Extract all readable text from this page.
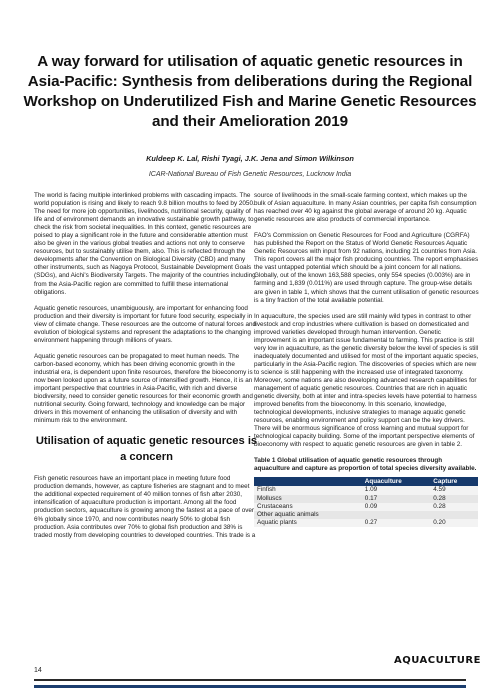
A way forward for utilisation of aquatic genetic resources in Asia-Pacific: Synthesis from deliberations during the Regional Workshop on Underutilized Fish and Marine Genetic Resources and their Amelioration 2019
Kuldeep K. Lal, Rishi Tyagi, J.K. Jena and Simon Wilkinson
ICAR-National Bureau of Fish Genetic Resources, Lucknow India

The world is facing multiple interlinked problems with cascading impacts. The world population is rising and likely to reach 9.8 billion mouths to feed by 2050. The need for more job opportunities, livelihoods, nutritional security, quality of life and of environment demands an innovative sustainable growth pathway, to check the risk from societal inequalities. In this context, genetic resources are poised to play a significant role in the future and considerable attention must also be given in the various global treaties and actions not only to conserve resources, but to sustainably utilise them, also. This is reflected through the developments after the Convention on Biological Diversity (CBD) and many other instruments, such as Nagoya Protocol, Sustainable Development Goals (SDGs), and Aichi's Biodiversity Targets. The majority of the countries including from the Asia-Pacific region are committed to fulfill these international obligations.

Aquatic genetic resources, unambiguously, are important for enhancing food production and their diversity is important for future food security, especially in view of climate change. These resources are the outcome of natural forces and evolution of biological systems and represent the adaptations to the changing environment happening through millions of years.

Aquatic genetic resources can be propagated to meet human needs. The carbon-based economy, which has been driving economic growth in the industrial era, is dependent upon finite resources, therefore the bioeconomy is now been looked upon as a future source of intensified growth. Hence, it is an important perspective that countries in Asia-Pacific, with rich and diverse biodiversity, need to consider genetic resources for their economic growth and nutritional security. Going forward, technology and knowledge can be major drivers in this movement of enhancing the utilisation of diversity and with minimum risk to the environment.

Utilisation of aquatic genetic resources is a concern

Fish genetic resources have an important place in meeting future food production demands, however, as capture fisheries are stagnant and to meet the additional expected requirement of 40 million tonnes of fish after 2030, intensification of aquaculture production is important. Among all the food production sectors, aquaculture is growing among the fastest at a pace of over 6% globally since 1970, and now contributes nearly 50% to global fish production. Asia contributes over 70% to global fish production and 38% is traded mostly from developing countries to developed countries. This trade is a

source of livelihoods in the small-scale farming context, which makes up the bulk of Asian aquaculture. In many Asian countries, per capita fish consumption has reached over 40 kg against the global average of around 20 kg. Aquatic genetic resources are also products of commercial importance.

FAO's Commission on Genetic Resources for Food and Agriculture (CGRFA) has published the Report on the Status of World Genetic Resources Aquatic Genetic Resources with input from 92 nations, including 21 countries from Asia. This report covers all the major fish producing countries. The report emphasises the vast untapped potential which should be a joint concern for all nations. Globally, out of the known 163,588 species, only 554 species (0.003%) are in farming and 1,839 (0.011%) are used through capture. The group-wise details are given in table 1, which shows that the current utilisation of genetic resources is a tiny fraction of the total available potential.

In aquaculture, the species used are still mainly wild types in contrast to other livestock and crop industries where cultivation is based on domesticated and improved varieties developed through human intervention. Genetic improvement is an important issue fundamental to farming. This practice is still very low in aquaculture, as the genetic diversity below the level of species is still inadequately documented and utilised for most of the important aquatic species, particularly in the Asia-Pacific region. The discoveries of species which are new to science is still happening with the increased use of integrated taxonomy. Moreover, some nations are also developing advanced research capabilities for management of aquatic genetic resources. Countries that are rich in aquatic genetic diversity, both at inter and intra-species levels have potential to harness improved benefits from the bioeconomy. In this scenario, knowledge, technological developments, inclusive strategies to manage aquatic genetic resources, enabling environment and policy support can be the key drivers. There will be enormous significance of cross learning and mutual support for technological capacity building. Some of the important perspective elements of bioeconomy with respect to aquatic genetic resources are given in table 2.

Table 1 Global utilisation of aquatic genetic resources through aquaculture and capture as proportion of total species diversity available.
	Aquaculture	Capture
Finfish	1.09	4.59
Molluscs	0.17	0.28
Crustaceans	0.09	0.28
Other aquatic animals		
Aquatic plants	0.27	0.20
14
AQUACULTURE
